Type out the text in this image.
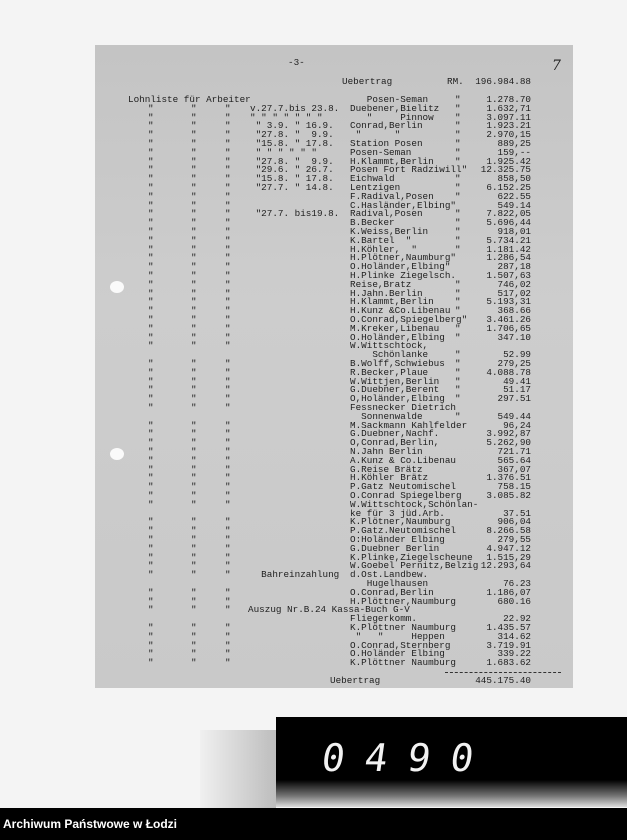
-3-	7
Uebertrag	RM.	196.984.88
Lohnliste für Arbeiter	Posen-Seman	"	1.278.70
"	"	" v.27.7.bis 23.8. Duebener,Bielitz "	1.632,71
"	"	" " " " " " " "	"     Pinnow "	3.097.11
"	"	" " 3.9. " 16.9. Conrad,Berlin	"	1.923.21
"	"	" "27.8. "  9.9. "      "	"	2.970,15
"	"	" "15.8. " 17.8. Station Posen	"	889,25
"	"	" " " " " " "	Posen-Seman	"	159,--
"	"	" "27.8. "  9.9. H.Klammt,Berlin "	1.925.42
"	"	" "29.6. " 26.7. Posen Fort Radziwill"	12.325.75
"	"	" "15.8. " 17.8. Eichwald	"	858,50
"	"	" "27.7. " 14.8. Lentzigen	"	6.152.25
"	"	"	F.Radival,Posen "	622.55
"	"	"	C.Hasländer,Elbing"	549.14
"	"	" "27.7. bis19.8. Radival,Posen	"	7.822,05
"	"	"	B.Becker	"	5.696,44
"	"	"	K.Weiss,Berlin	"	918,01
"	"	"	K.Bartel  "	"	5.734.21
"	"	"	H.Köhler,  "	"	1.181.42
"	"	"	H.Plötner,Naumburg"	1.286,54
"	"	"	O.Holänder,Elbing"	287,18
"	"	"	H.Plinke Ziegelsch.	1.507,63
"	"	"	Reise,Bratz	"	746,02
"	"	"	H.Jahn.Berlin	"	517,02
"	"	"	H.Klammt,Berlin "	5.193,31
"	"	"	H.Kunz &Co.Libenau "	368.66
"	"	"	O.Conrad,Spiegelberg"	3.461.26
"	"	"	M.Kreker,Libenau "	1.706,65
"	"	"	O.Holänder,Elbing "	347.10
"	"	"	W.Wittschtock,
Schönlanke	"	52.99
"	"	"	B.Wolff,Schwiebus "	279,25
"	"	"	R.Becker,Plaue	"	4.088.78
"	"	"	W.Wittjen,Berlin "	49.41
"	"	"	G.Duebner,Berent "	51.17
"	"	"	O,Holänder,Elbing "	297.51
"	"	"	Fessnecker Dietrich
Sonnenwalde	"	549.44
"	"	"	M.Sackmann Kahlfelder	96,24
"	"	"	G.Duebner,Nachf.	3.992,87
"	"	"	O,Conrad,Berlin,	5.262,90
"	"	"	N.Jahn Berlin	721.71
"	"	"	A.Kunz & Co.Libenau	565.64
"	"	"	G.Reise Brätz	367,07
"	"	"	H.Köhler Brätz	1.376.51
"	"	"	P.Gatz Neutomischel	758.15
"	"	"	O.Conrad Spiegelberg	3.085.82
"	"	"	W.Wittschtock,Schönlan-
ke für 3 jüd.Arb.	37.51
"	"	"	K.Plötner,Naumburg	906,04
"	"	"	P.Gatz.Neutomischel	8.266.58
"	"	"	O:Holänder Elbing	279,55
"	"	"	G.Duebner Berlin	4.947.12
"	"	"	K.Plinke,Ziegelscheune	1.515,29
"	"	"	W.Goebel Pernitz,Belzig 12.293,64
"	"	" Bahreinzahlung d.Ost.Landbew.
Hugelhausen	76.23
"	"	"	O.Conrad,Berlin	1.186,07
"	"	"	H.Plöttner,Naumburg	680.16
"	"	" Auszug Nr.B.24 Kassa-Buch G-V
Fliegerkomm.	22.92
"	"	"	K.Plöttner Naumburg	1.435.57
"	"	"	"   "     Heppen	314.62
"	"	"	O.Conrad,Sternberg	3.719.91
"	"	"	O.Holänder Elbing	339.22
"	"	"	K.Plöttner Naumburg	1.683.62
Uebertrag	445.175.40
0490
Archiwum Państwowe w Łodzi
